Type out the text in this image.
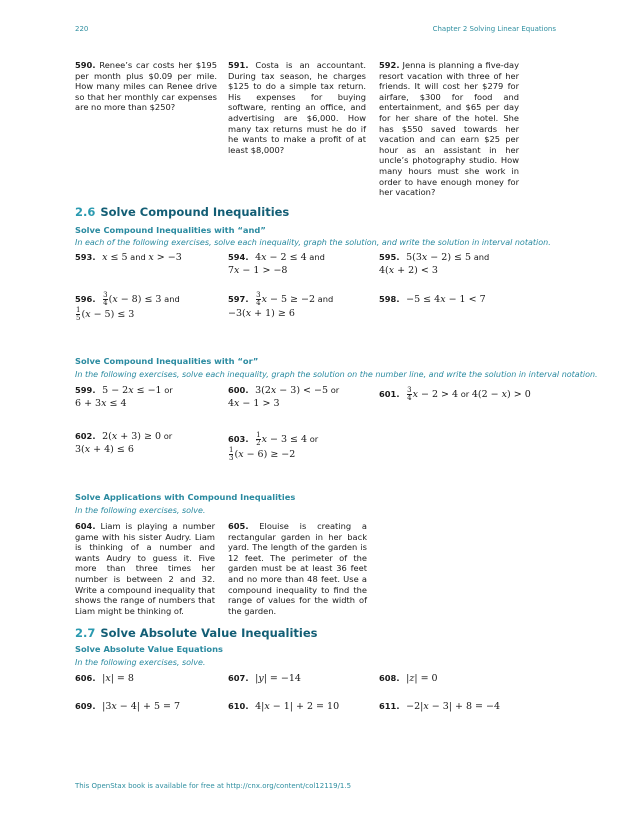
220	Chapter 2 Solving Linear Equations
590. Renee’s car costs her $195 per month plus $0.09 per mile. How many miles can Renee drive so that her monthly car expenses are no more than $250?
591. Costa is an accountant. During tax season, he charges $125 to do a simple tax return. His expenses for buying software, renting an office, and advertising are $6,000. How many tax returns must he do if he wants to make a profit of at least $8,000?
592. Jenna is planning a five-day resort vacation with three of her friends. It will cost her $279 for airfare, $300 for food and entertainment, and $65 per day for her share of the hotel. She has $550 saved towards her vacation and can earn $25 per hour as an assistant in her uncle’s photography studio. How many hours must she work in order to have enough money for her vacation?
2.6 Solve Compound Inequalities
Solve Compound Inequalities with “and”
In each of the following exercises, solve each inequality, graph the solution, and write the solution in interval notation.
593. x ≤ 5 and x > −3	594. 4x − 2 ≤ 4 and
7x − 1 > −8
595. 5(3x − 2) ≤ 5 and
4(x + 2) < 3
596. $\frac{3}{4} (x - 8) \le 3$ and

$\frac{1}{5} (x - 5) \le 3$
597. $\frac{3}{4}$ x − 5 ≥ −2 and
−3(x + 1) ≥ 6
598. −5 ≤ 4x − 1 < 7
Solve Compound Inequalities with “or”
In the following exercises, solve each inequality, graph the solution on the number line, and write the solution in interval notation.
599. 5 − 2x ≤ −1 or
6 + 3x ≤ 4
600. 3(2x − 3) < −5 or
4x − 1 > 3
601. $\frac{3}{4}$ x − 2 > 4 or 4(2 − x) > 0
602. 2(x + 3) ≥ 0 or
3(x + 4) ≤ 6
603. $\frac{1}{2}$ x − 3 ≤ 4 or

$\frac{1}{3} (x - 6) \ge -2$
Solve Applications with Compound Inequalities
In the following exercises, solve.
604. Liam is playing a number game with his sister Audry. Liam is thinking of a number and wants Audry to guess it. Five more than three times her number is between 2 and 32. Write a compound inequality that shows the range of numbers that Liam might be thinking of.
605. Elouise is creating a rectangular garden in her back yard. The length of the garden is 12 feet. The perimeter of the garden must be at least 36 feet and no more than 48 feet. Use a compound inequality to find the range of values for the width of the garden.
2.7 Solve Absolute Value Inequalities
Solve Absolute Value Equations
In the following exercises, solve.
606. |x| = 8	607. |y| = −14	608. |z| = 0
609. |3x − 4| + 5 = 7	610. 4|x − 1| + 2 = 10	611. −2|x − 3| + 8 = −4
This OpenStax book is available for free at http://cnx.org/content/col12119/1.5
